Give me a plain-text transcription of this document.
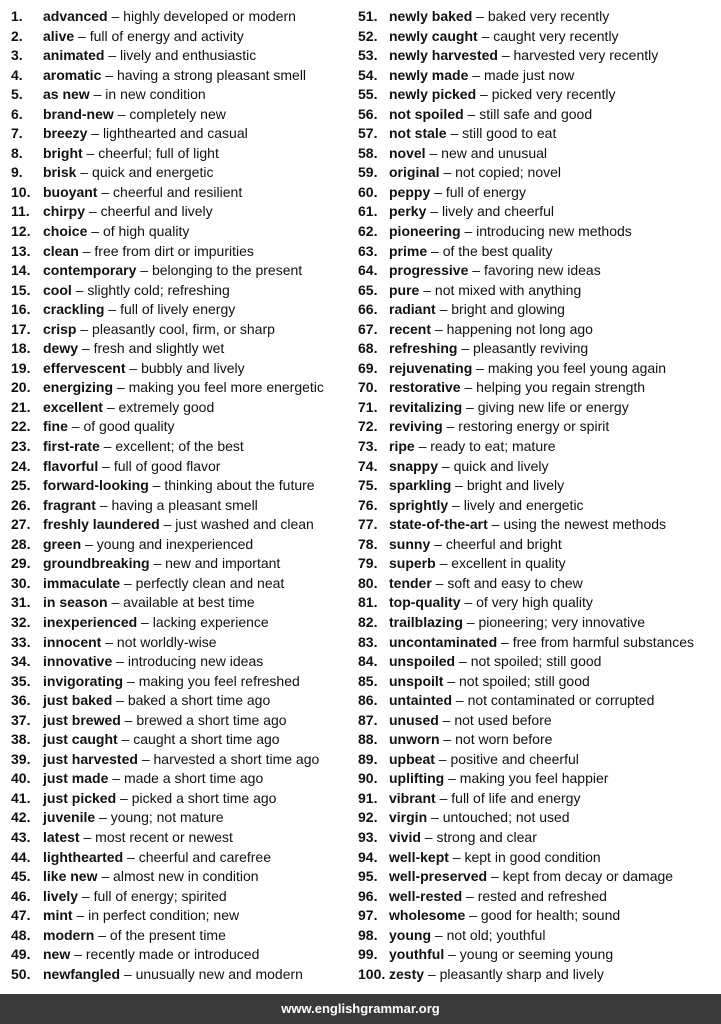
1. advanced – highly developed or modern
2. alive – full of energy and activity
3. animated – lively and enthusiastic
4. aromatic – having a strong pleasant smell
5. as new – in new condition
6. brand-new – completely new
7. breezy – lighthearted and casual
8. bright – cheerful; full of light
9. brisk – quick and energetic
10. buoyant – cheerful and resilient
11. chirpy – cheerful and lively
12. choice – of high quality
13. clean – free from dirt or impurities
14. contemporary – belonging to the present
15. cool – slightly cold; refreshing
16. crackling – full of lively energy
17. crisp – pleasantly cool, firm, or sharp
18. dewy – fresh and slightly wet
19. effervescent – bubbly and lively
20. energizing – making you feel more energetic
21. excellent – extremely good
22. fine – of good quality
23. first-rate – excellent; of the best
24. flavorful – full of good flavor
25. forward-looking – thinking about the future
26. fragrant – having a pleasant smell
27. freshly laundered – just washed and clean
28. green – young and inexperienced
29. groundbreaking – new and important
30. immaculate – perfectly clean and neat
31. in season – available at best time
32. inexperienced – lacking experience
33. innocent – not worldly-wise
34. innovative – introducing new ideas
35. invigorating – making you feel refreshed
36. just baked – baked a short time ago
37. just brewed – brewed a short time ago
38. just caught – caught a short time ago
39. just harvested – harvested a short time ago
40. just made – made a short time ago
41. just picked – picked a short time ago
42. juvenile – young; not mature
43. latest – most recent or newest
44. lighthearted – cheerful and carefree
45. like new – almost new in condition
46. lively – full of energy; spirited
47. mint – in perfect condition; new
48. modern – of the present time
49. new – recently made or introduced
50. newfangled – unusually new and modern
51. newly baked – baked very recently
52. newly caught – caught very recently
53. newly harvested – harvested very recently
54. newly made – made just now
55. newly picked – picked very recently
56. not spoiled – still safe and good
57. not stale – still good to eat
58. novel – new and unusual
59. original – not copied; novel
60. peppy – full of energy
61. perky – lively and cheerful
62. pioneering – introducing new methods
63. prime – of the best quality
64. progressive – favoring new ideas
65. pure – not mixed with anything
66. radiant – bright and glowing
67. recent – happening not long ago
68. refreshing – pleasantly reviving
69. rejuvenating – making you feel young again
70. restorative – helping you regain strength
71. revitalizing – giving new life or energy
72. reviving – restoring energy or spirit
73. ripe – ready to eat; mature
74. snappy – quick and lively
75. sparkling – bright and lively
76. sprightly – lively and energetic
77. state-of-the-art – using the newest methods
78. sunny – cheerful and bright
79. superb – excellent in quality
80. tender – soft and easy to chew
81. top-quality – of very high quality
82. trailblazing – pioneering; very innovative
83. uncontaminated – free from harmful substances
84. unspoiled – not spoiled; still good
85. unspoilt – not spoiled; still good
86. untainted – not contaminated or corrupted
87. unused – not used before
88. unworn – not worn before
89. upbeat – positive and cheerful
90. uplifting – making you feel happier
91. vibrant – full of life and energy
92. virgin – untouched; not used
93. vivid – strong and clear
94. well-kept – kept in good condition
95. well-preserved – kept from decay or damage
96. well-rested – rested and refreshed
97. wholesome – good for health; sound
98. young – not old; youthful
99. youthful – young or seeming young
100. zesty – pleasantly sharp and lively
www.englishgrammar.org
